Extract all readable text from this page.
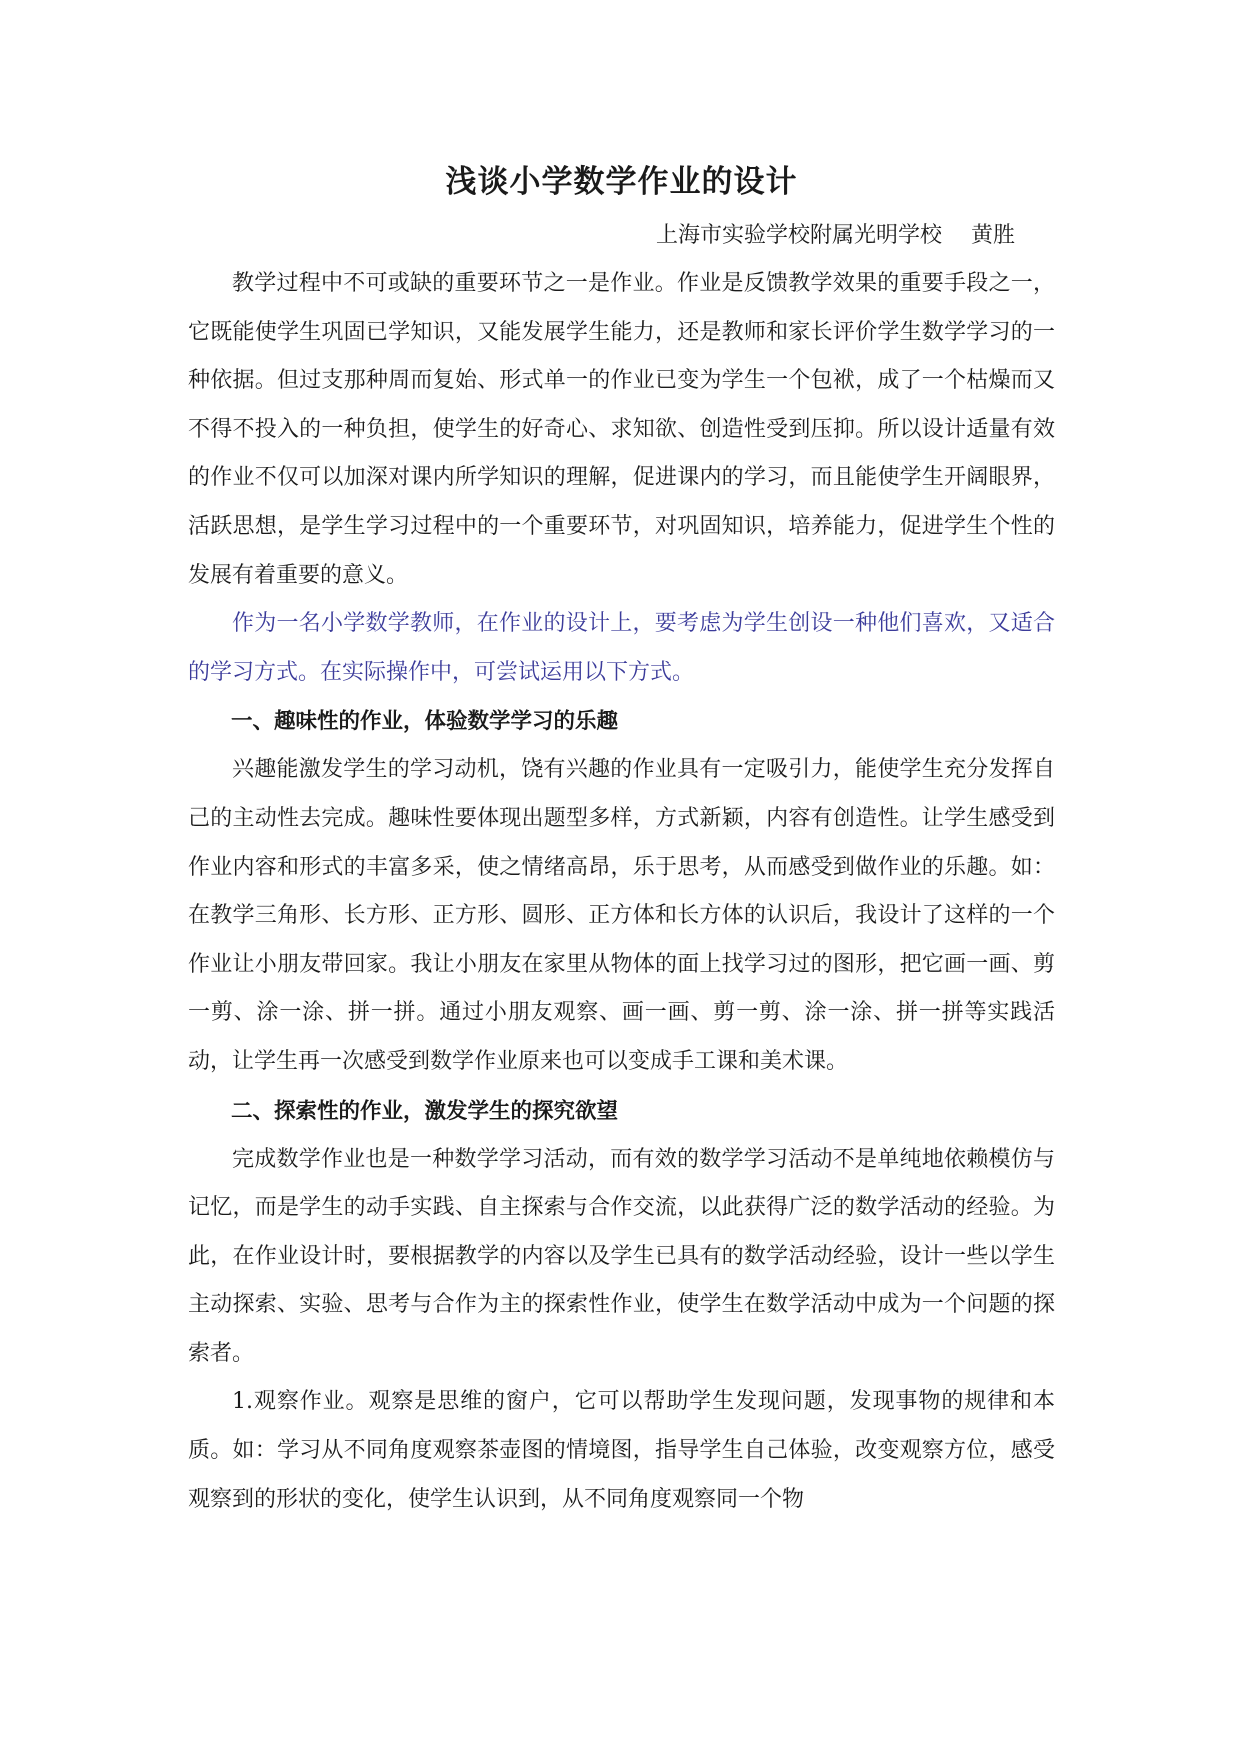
浅谈小学数学作业的设计
上海市实验学校附属光明学校　 黄胜

教学过程中不可或缺的重要环节之一是作业。作业是反馈教学效果的重要手段之一，它既能使学生巩固已学知识，又能发展学生能力，还是教师和家长评价学生数学学习的一种依据。但过支那种周而复始、形式单一的作业已变为学生一个包袱，成了一个枯燥而又不得不投入的一种负担，使学生的好奇心、求知欲、创造性受到压抑。所以设计适量有效的作业不仅可以加深对课内所学知识的理解，促进课内的学习，而且能使学生开阔眼界，活跃思想，是学生学习过程中的一个重要环节，对巩固知识，培养能力，促进学生个性的发展有着重要的意义。

作为一名小学数学教师，在作业的设计上，要考虑为学生创设一种他们喜欢，又适合的学习方式。在实际操作中，可尝试运用以下方式。

一、趣味性的作业，体验数学学习的乐趣

兴趣能激发学生的学习动机，饶有兴趣的作业具有一定吸引力，能使学生充分发挥自己的主动性去完成。趣味性要体现出题型多样，方式新颖，内容有创造性。让学生感受到作业内容和形式的丰富多采，使之情绪高昂，乐于思考，从而感受到做作业的乐趣。如：在教学三角形、长方形、正方形、圆形、正方体和长方体的认识后，我设计了这样的一个作业让小朋友带回家。我让小朋友在家里从物体的面上找学习过的图形，把它画一画、剪一剪、涂一涂、拼一拼。通过小朋友观察、画一画、剪一剪、涂一涂、拼一拼等实践活动，让学生再一次感受到数学作业原来也可以变成手工课和美术课。

二、探索性的作业，激发学生的探究欲望

完成数学作业也是一种数学学习活动，而有效的数学学习活动不是单纯地依赖模仿与记忆，而是学生的动手实践、自主探索与合作交流，以此获得广泛的数学活动的经验。为此，在作业设计时，要根据教学的内容以及学生已具有的数学活动经验，设计一些以学生主动探索、实验、思考与合作为主的探索性作业，使学生在数学活动中成为一个问题的探索者。

1.观察作业。观察是思维的窗户，它可以帮助学生发现问题，发现事物的规律和本质。如：学习从不同角度观察茶壶图的情境图，指导学生自己体验，改变观察方位，感受观察到的形状的变化，使学生认识到，从不同角度观察同一个物
